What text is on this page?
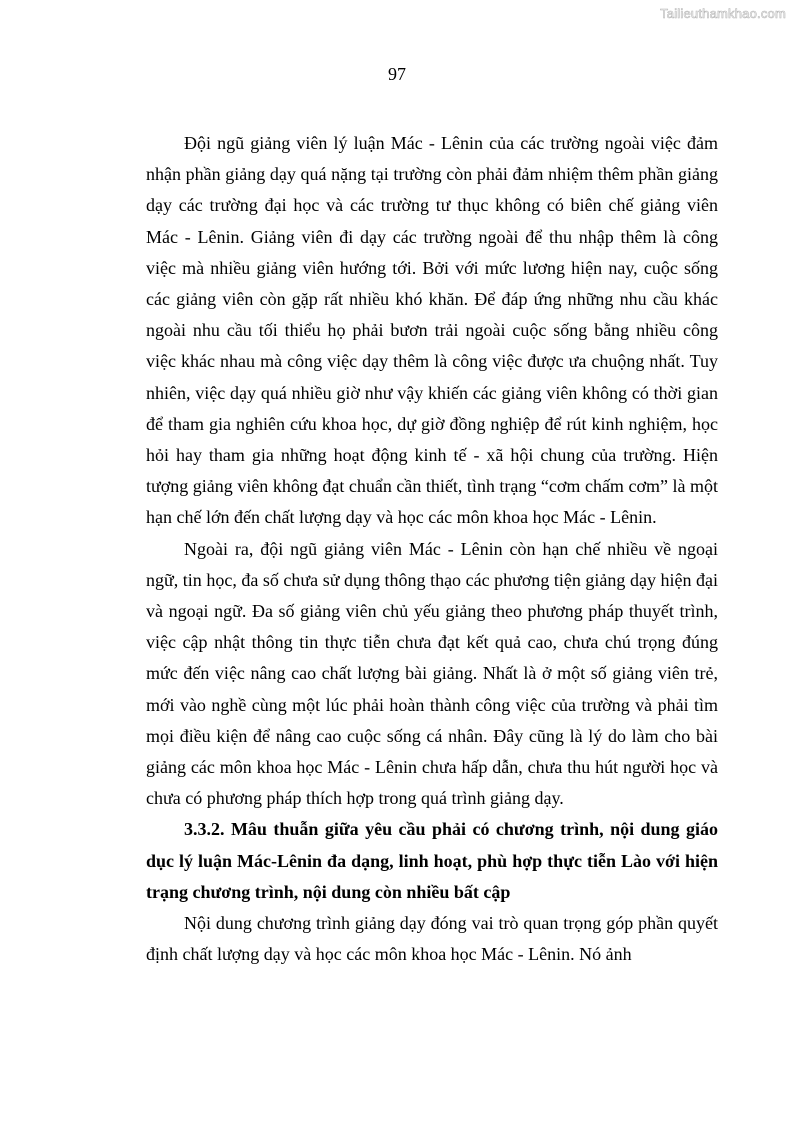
Tailieuthamkhao.com
97

Đội ngũ giảng viên lý luận Mác - Lênin của các trường ngoài việc đảm nhận phần giảng dạy quá nặng tại trường còn phải đảm nhiệm thêm phần giảng dạy các trường đại học và các trường tư thục không có biên chế giảng viên Mác - Lênin. Giảng viên đi dạy các trường ngoài để thu nhập thêm là công việc mà nhiều giảng viên hướng tới. Bởi với mức lương hiện nay, cuộc sống các giảng viên còn gặp rất nhiều khó khăn. Để đáp ứng những nhu cầu khác ngoài nhu cầu tối thiểu họ phải bươn trải ngoài cuộc sống bằng nhiều công việc khác nhau mà công việc dạy thêm là công việc được ưa chuộng nhất. Tuy nhiên, việc dạy quá nhiều giờ như vậy khiến các giảng viên không có thời gian để tham gia nghiên cứu khoa học, dự giờ đồng nghiệp để rút kinh nghiệm, học hỏi hay tham gia những hoạt động kinh tế - xã hội chung của trường. Hiện tượng giảng viên không đạt chuẩn cần thiết, tình trạng “cơm chấm cơm” là một hạn chế lớn đến chất lượng dạy và học các môn khoa học Mác - Lênin.

Ngoài ra, đội ngũ giảng viên Mác - Lênin còn hạn chế nhiều về ngoại ngữ, tin học, đa số chưa sử dụng thông thạo các phương tiện giảng dạy hiện đại và ngoại ngữ. Đa số giảng viên chủ yếu giảng theo phương pháp thuyết trình, việc cập nhật thông tin thực tiễn chưa đạt kết quả cao, chưa chú trọng đúng mức đến việc nâng cao chất lượng bài giảng. Nhất là ở một số giảng viên trẻ, mới vào nghề cùng một lúc phải hoàn thành công việc của trường và phải tìm mọi điều kiện để nâng cao cuộc sống cá nhân. Đây cũng là lý do làm cho bài giảng các môn khoa học Mác - Lênin chưa hấp dẫn, chưa thu hút người học và chưa có phương pháp thích hợp trong quá trình giảng dạy.

3.3.2. Mâu thuẫn giữa yêu cầu phải có chương trình, nội dung giáo dục lý luận Mác-Lênin đa dạng, linh hoạt, phù hợp thực tiễn Lào với hiện trạng chương trình, nội dung còn nhiều bất cập

Nội dung chương trình giảng dạy đóng vai trò quan trọng góp phần quyết định chất lượng dạy và học các môn khoa học Mác - Lênin. Nó ảnh
